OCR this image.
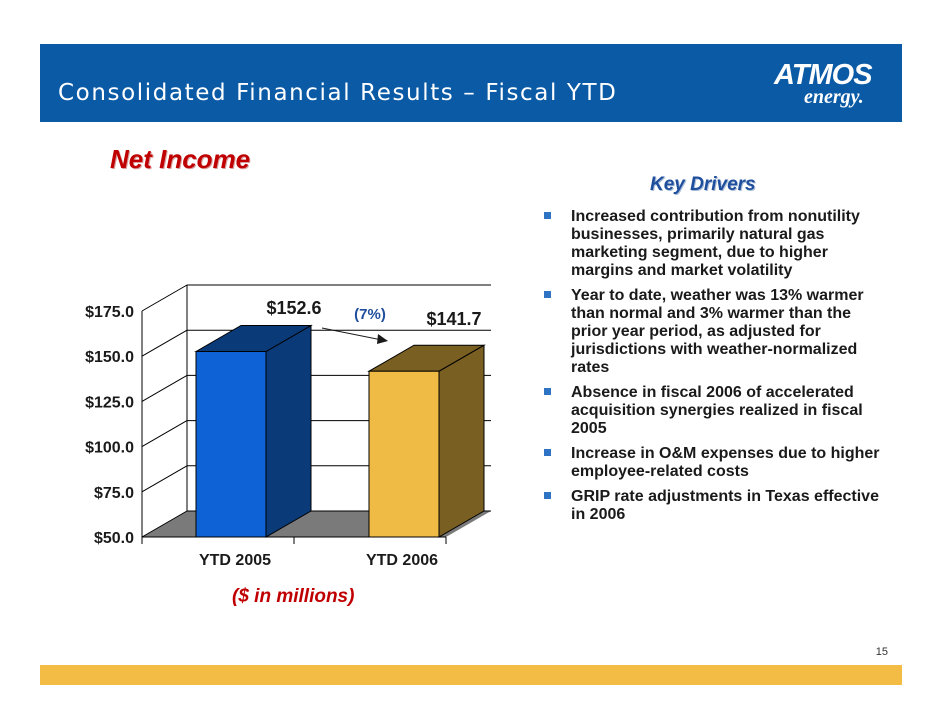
Consolidated Financial Results – Fiscal YTD
ATMOS
energy.
Net Income
$50.0
$75.0
$100.0
$125.0
$150.0
$175.0	$152.6
YTD 2005
$141.7
YTD 2006
(7%)

($ in millions)

Key Drivers
Increased contribution from nonutility businesses, primarily natural gas marketing segment, due to higher margins and market volatility
Year to date, weather was 13% warmer than normal and 3% warmer than the prior year period, as adjusted for jurisdictions with weather-normalized rates
Absence in fiscal 2006 of accelerated acquisition synergies realized in fiscal 2005
Increase in O&M expenses due to higher employee-related costs
GRIP rate adjustments in Texas effective in 2006
15
